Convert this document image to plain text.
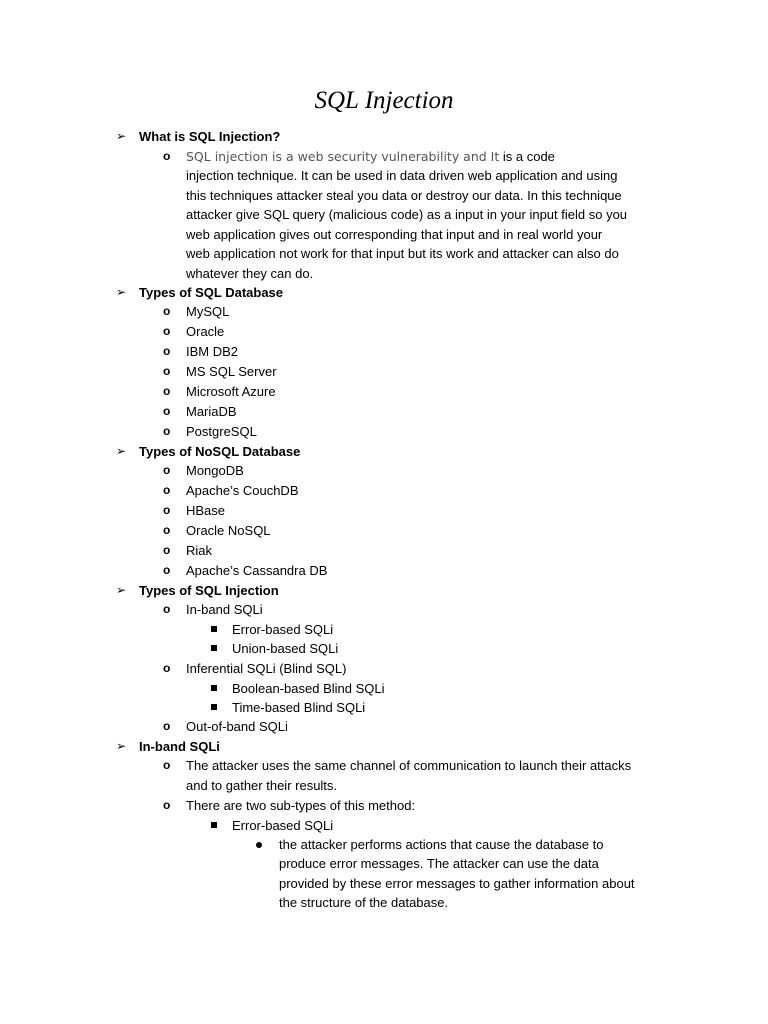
SQL Injection
➢ What is SQL Injection?
o SQL injection is a web security vulnerability and It is a code
injection technique. It can be used in data driven web application and using
this techniques attacker steal you data or destroy our data. In this technique
attacker give SQL query (malicious code) as a input in your input field so you
web application gives out corresponding that input and in real world your
web application not work for that input but its work and attacker can also do
whatever they can do.
➢ Types of SQL Database
o MySQL
o Oracle
o IBM DB2
o MS SQL Server
o Microsoft Azure
o MariaDB
o PostgreSQL
➢ Types of NoSQL Database
o MongoDB
o Apache’s CouchDB
o HBase
o Oracle NoSQL
o Riak
o Apache’s Cassandra DB
➢ Types of SQL Injection
o In-band SQLi
Error-based SQLi
Union-based SQLi
o Inferential SQLi (Blind SQL)
Boolean-based Blind SQLi
Time-based Blind SQLi
o Out-of-band SQLi
➢ In-band SQLi
o The attacker uses the same channel of communication to launch their attacks
and to gather their results.
o There are two sub-types of this method:
Error-based SQLi
the attacker performs actions that cause the database to
produce error messages. The attacker can use the data
provided by these error messages to gather information about
the structure of the database.
